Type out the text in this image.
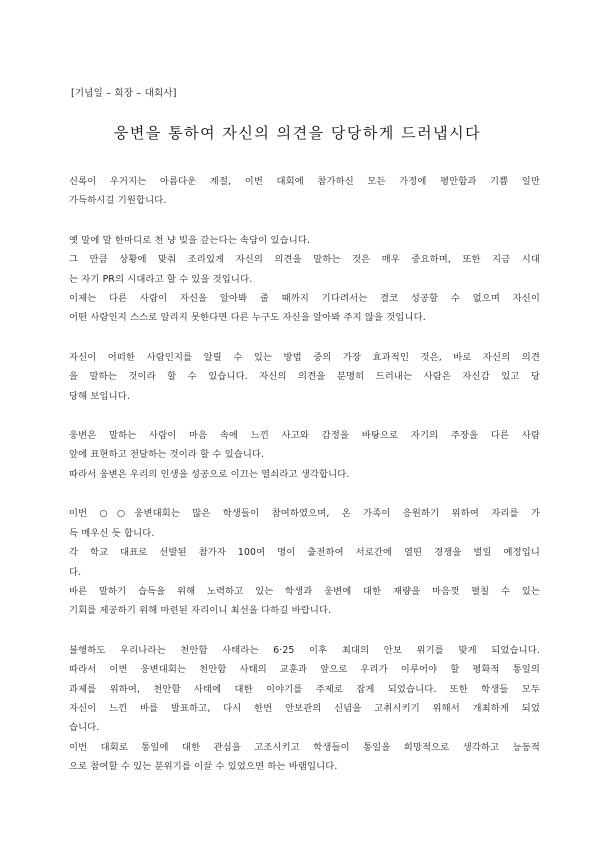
[기념일 – 회장 – 대회사]
웅변을 통하여 자신의 의견을 당당하게 드러냅시다
신록이 우거지는 아름다운 계절, 이번 대회에 참가하신 모든 가정에 평안함과 기쁨 일만
가득하시길 기원합니다.
옛 말에 말 한마디로 천 냥 빚을 갚는다는 속담이 있습니다.
그 만큼 상황에 맞춰 조리있게 자신의 의견을 말하는 것은 매우 중요하며, 또한 지금 시대
는 자기 PR의 시대라고 할 수 있을 것입니다.
이제는 다른 사람이 자신을 알아봐 줄 때까지 기다려서는 결코 성공할 수 없으며 자신이
어떤 사람인지 스스로 알리지 못한다면 다른 누구도 자신을 알아봐 주지 않을 것입니다.
자신이 어떠한 사람인지를 알릴 수 있는 방법 중의 가장 효과적인 것은, 바로 자신의 의견
을 말하는 것이라 할 수 있습니다. 자신의 의견을 분명히 드러내는 사람은 자신감 있고 당
당해 보입니다.
웅변은 말하는 사람이 마음 속에 느낀 사고와 감정을 바탕으로 자기의 주장을 다른 사람
앞에 표현하고 전달하는 것이라 할 수 있습니다.
따라서 웅변은 우리의 인생을 성공으로 이끄는 열쇠라고 생각합니다.
이번 ○○웅변대회는 많은 학생들이 참여하였으며, 온 가족이 응원하기 위하여 자리를 가
득 메우신 듯 합니다.
각 학교 대표로 선발된 참가자 100여 명이 출전하여 서로간에 열띤 경쟁을 벌일 예정입니
다.
바른 말하기 습득을 위해 노력하고 있는 학생과 웅변에 대한 재량을 마음껏 펼칠 수 있는
기회를 제공하기 위해 마련된 자리이니 최선을 다하길 바랍니다.
불행하도 우리나라는 천안함 사태라는 6·25 이후 최대의 안보 위기를 맞게 되었습니다.
따라서 이번 웅변대회는 천안함 사태의 교훈과 앞으로 우리가 이루어야 할 평화적 통일의
과제를 위하여, 천안함 사태에 대한 이야기를 주제로 잡게 되었습니다. 또한 학생들 모두
자신이 느낀 바를 발표하고, 다시 한번 안보관의 신념을 고취시키기 위해서 개최하게 되었
습니다.
이번 대회로 통일에 대한 관심을 고조시키고 학생들이 통일을 희망적으로 생각하고 능동적
으로 참여할 수 있는 분위기를 이끌 수 있었으면 하는 바램입니다.
